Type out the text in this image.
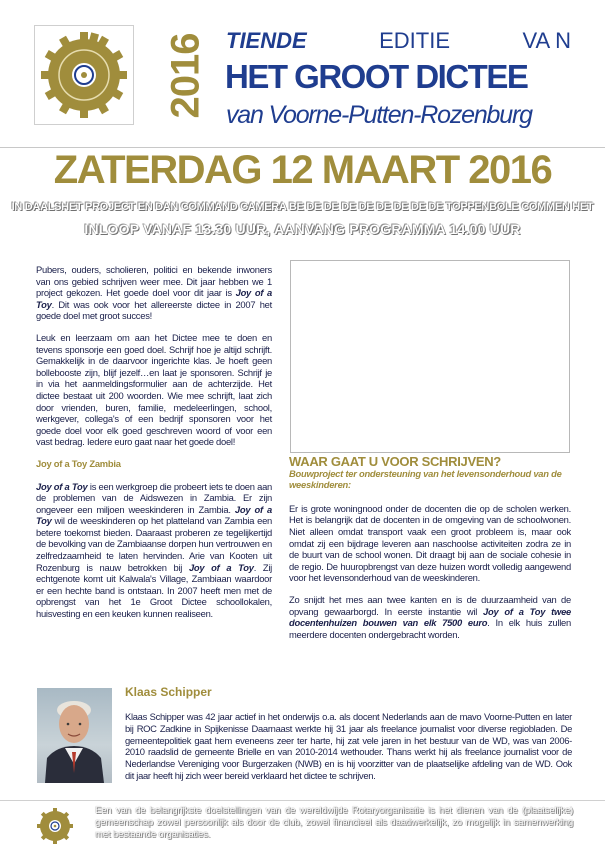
2016 TIENDE	EDITIE	VA N
HET GROOT DICTEE
van Voorne-Putten-Rozenburg
ZATERDAG 12 MAART 2016
IN DAALSHET PROJECT EN DAN COMMAND CAMERA BE DE DE DE DE DE DE DE DE TOPPENBOLE COMMEN HET
INLOOP VANAF 13.30 UUR, AANVANG PROGRAMMA 14.00 UUR

Pubers, ouders, scholieren, politici en bekende inwoners van ons gebied schrijven weer mee. Dit jaar hebben we 1 project gekozen. Het goede doel voor dit jaar is Joy of a Toy. Dit was ook voor het allereerste dictee in 2007 het goede doel met groot succes!

Leuk en leerzaam om aan het Dictee mee te doen en tevens sponsorje een goed doel. Schrijf hoe je altijd schrijft. Gemakkelijk in de daarvoor ingerichte klas. Je hoeft geen bollebooste zijn, blijf jezelf…en laat je sponsoren. Schrijf je in via het aanmeldingsformulier aan de achterzijde. Het dictee bestaat uit 200 woorden. Wie mee schrijft, laat zich door vrienden, buren, familie, medeleerlingen, school, werkgever, collega's of een bedrijf sponsoren voor het goede doel voor elk goed geschreven woord of voor een vast bedrag. Iedere euro gaat naar het goede doel!

Joy of a Toy Zambia

Joy of a Toy is een werkgroep die probeert iets te doen aan de problemen van de Aidswezen in Zambia. Er zijn ongeveer een miljoen weeskinderen in Zambia. Joy of a Toy wil de weeskinderen op het platteland van Zambia een betere toekomst bieden. Daaraast proberen ze tegelijkertijd de bevolking van de Zambiaanse dorpen hun vertrouwen en zelfredzaamheid te laten hervinden. Arie van Kooten uit Rozenburg is nauw betrokken bij Joy of a Toy. Zij echtgenote komt uit Kalwala's Village, Zambiaan waardoor er een hechte band is ontstaan. In 2007 heeft men met de opbrengst van het 1e Groot Dictee schoollokalen, huisvesting en een keuken kunnen realiseen.

WAAR GAAT U VOOR SCHRIJVEN?
Bouwproject ter ondersteuning van het levensonderhoud van de weeskinderen:

Er is grote woningnood onder de docenten die op de scholen werken. Het is belangrijk dat de docenten in de omgeving van de schoolwonen. Niet alleen omdat transport vaak een groot probleem is, maar ook omdat zij een bijdrage leveren aan naschoolse activiteiten zodra ze in de buurt van de school wonen. Dit draagt bij aan de sociale cohesie in de regio. De huuropbrengst van deze huizen wordt volledig aangewend voor het levensonderhoud van de weeskinderen.

Zo snijdt het mes aan twee kanten en is de duurzaamheid van de opvang gewaarborgd. In eerste instantie wil Joy of a Toy twee docentenhuizen bouwen van elk 7500 euro. In elk huis zullen meerdere docenten ondergebracht worden.

Klaas Schipper
Klaas Schipper was 42 jaar actief in het onderwijs o.a. als docent Nederlands aan de mavo Voorne-Putten en later bij ROC Zadkine in Spijkenisse Daarnaast werkte hij 31 jaar als freelance journalist voor diverse regiobladen. De gemeentepolitiek gaat hem eveneens zeer ter harte, hij zat vele jaren in het bestuur van de WD, was van 2006-2010 raadslid de gemeente Brielle en van 2010-2014 wethouder. Thans werkt hij als freelance journalist voor de Nederlandse Vereniging voor Burgerzaken (NWB) en is hij voorzitter van de plaatselijke afdeling van de WD. Ook dit jaar heeft hij zich weer bereid verklaard het dictee te schrijven.
Een van de belangrijkste doelstellingen van de wereldwijde Rotaryorganisatie is het dienen van de (plaatselijke) gemeenschap zowel persoonlijk als door de club, zowel financieel als daadwerkelijk, zo mogelijk in samenwerking met bestaande organisaties.
